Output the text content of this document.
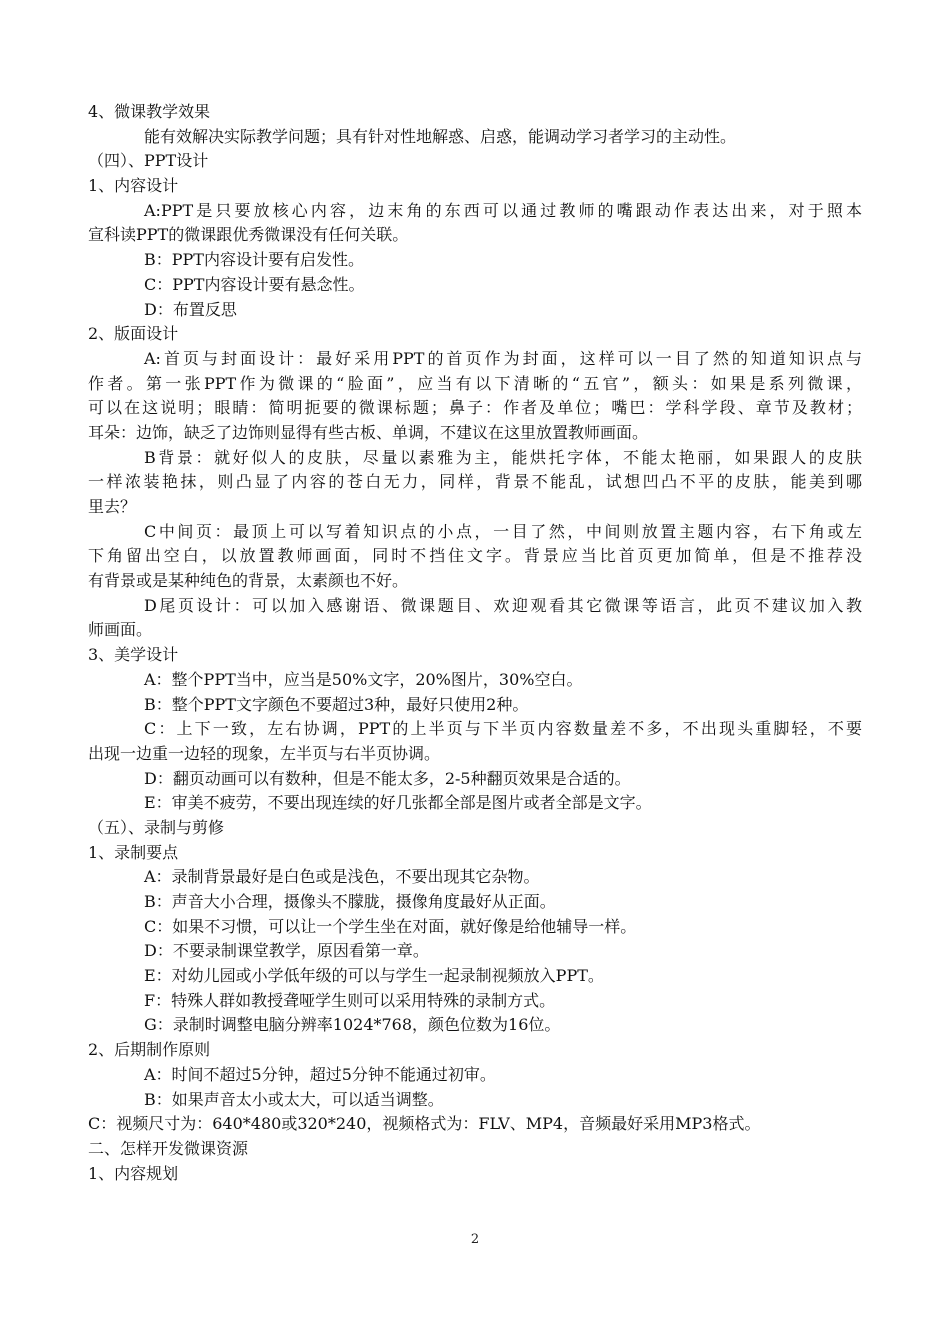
4、微课教学效果
能有效解决实际教学问题；具有针对性地解惑、启惑，能调动学习者学习的主动性。
（四）、PPT设计
1、内容设计
A:PPT是只要放核心内容，边末角的东西可以通过教师的嘴跟动作表达出来，对于照本
宣科读PPT的微课跟优秀微课没有任何关联。
B：PPT内容设计要有启发性。
C：PPT内容设计要有悬念性。
D：布置反思
2、版面设计
A:首页与封面设计：最好采用PPT的首页作为封面，这样可以一目了然的知道知识点与
作者。第一张PPT作为微课的“脸面”，应当有以下清晰的“五官”，额头：如果是系列微课，
可以在这说明；眼睛：简明扼要的微课标题；鼻子：作者及单位；嘴巴：学科学段、章节及教材；
耳朵：边饰，缺乏了边饰则显得有些古板、单调，不建议在这里放置教师画面。
B背景：就好似人的皮肤，尽量以素雅为主，能烘托字体，不能太艳丽，如果跟人的皮肤
一样浓装艳抹，则凸显了内容的苍白无力，同样，背景不能乱，试想凹凸不平的皮肤，能美到哪
里去？
C中间页：最顶上可以写着知识点的小点，一目了然，中间则放置主题内容，右下角或左
下角留出空白，以放置教师画面，同时不挡住文字。背景应当比首页更加简单，但是不推荐没
有背景或是某种纯色的背景，太素颜也不好。
D尾页设计：可以加入感谢语、微课题目、欢迎观看其它微课等语言，此页不建议加入教
师画面。
3、美学设计
A：整个PPT当中，应当是50%文字，20%图片，30%空白。
B：整个PPT文字颜色不要超过3种，最好只使用2种。
C：上下一致，左右协调，PPT的上半页与下半页内容数量差不多，不出现头重脚轻，不要
出现一边重一边轻的现象，左半页与右半页协调。
D：翻页动画可以有数种，但是不能太多，2-5种翻页效果是合适的。
E：审美不疲劳，不要出现连续的好几张都全部是图片或者全部是文字。
（五）、录制与剪修
1、录制要点
A：录制背景最好是白色或是浅色，不要出现其它杂物。
B：声音大小合理，摄像头不朦胧，摄像角度最好从正面。
C：如果不习惯，可以让一个学生坐在对面，就好像是给他辅导一样。
D：不要录制课堂教学，原因看第一章。
E：对幼儿园或小学低年级的可以与学生一起录制视频放入PPT。
F：特殊人群如教授聋哑学生则可以采用特殊的录制方式。
G：录制时调整电脑分辨率1024*768，颜色位数为16位。
2、后期制作原则
A：时间不超过5分钟，超过5分钟不能通过初审。
B：如果声音太小或太大，可以适当调整。
C：视频尺寸为：640*480或320*240，视频格式为：FLV、MP4，音频最好采用MP3格式。
二、怎样开发微课资源
1、内容规划
2
